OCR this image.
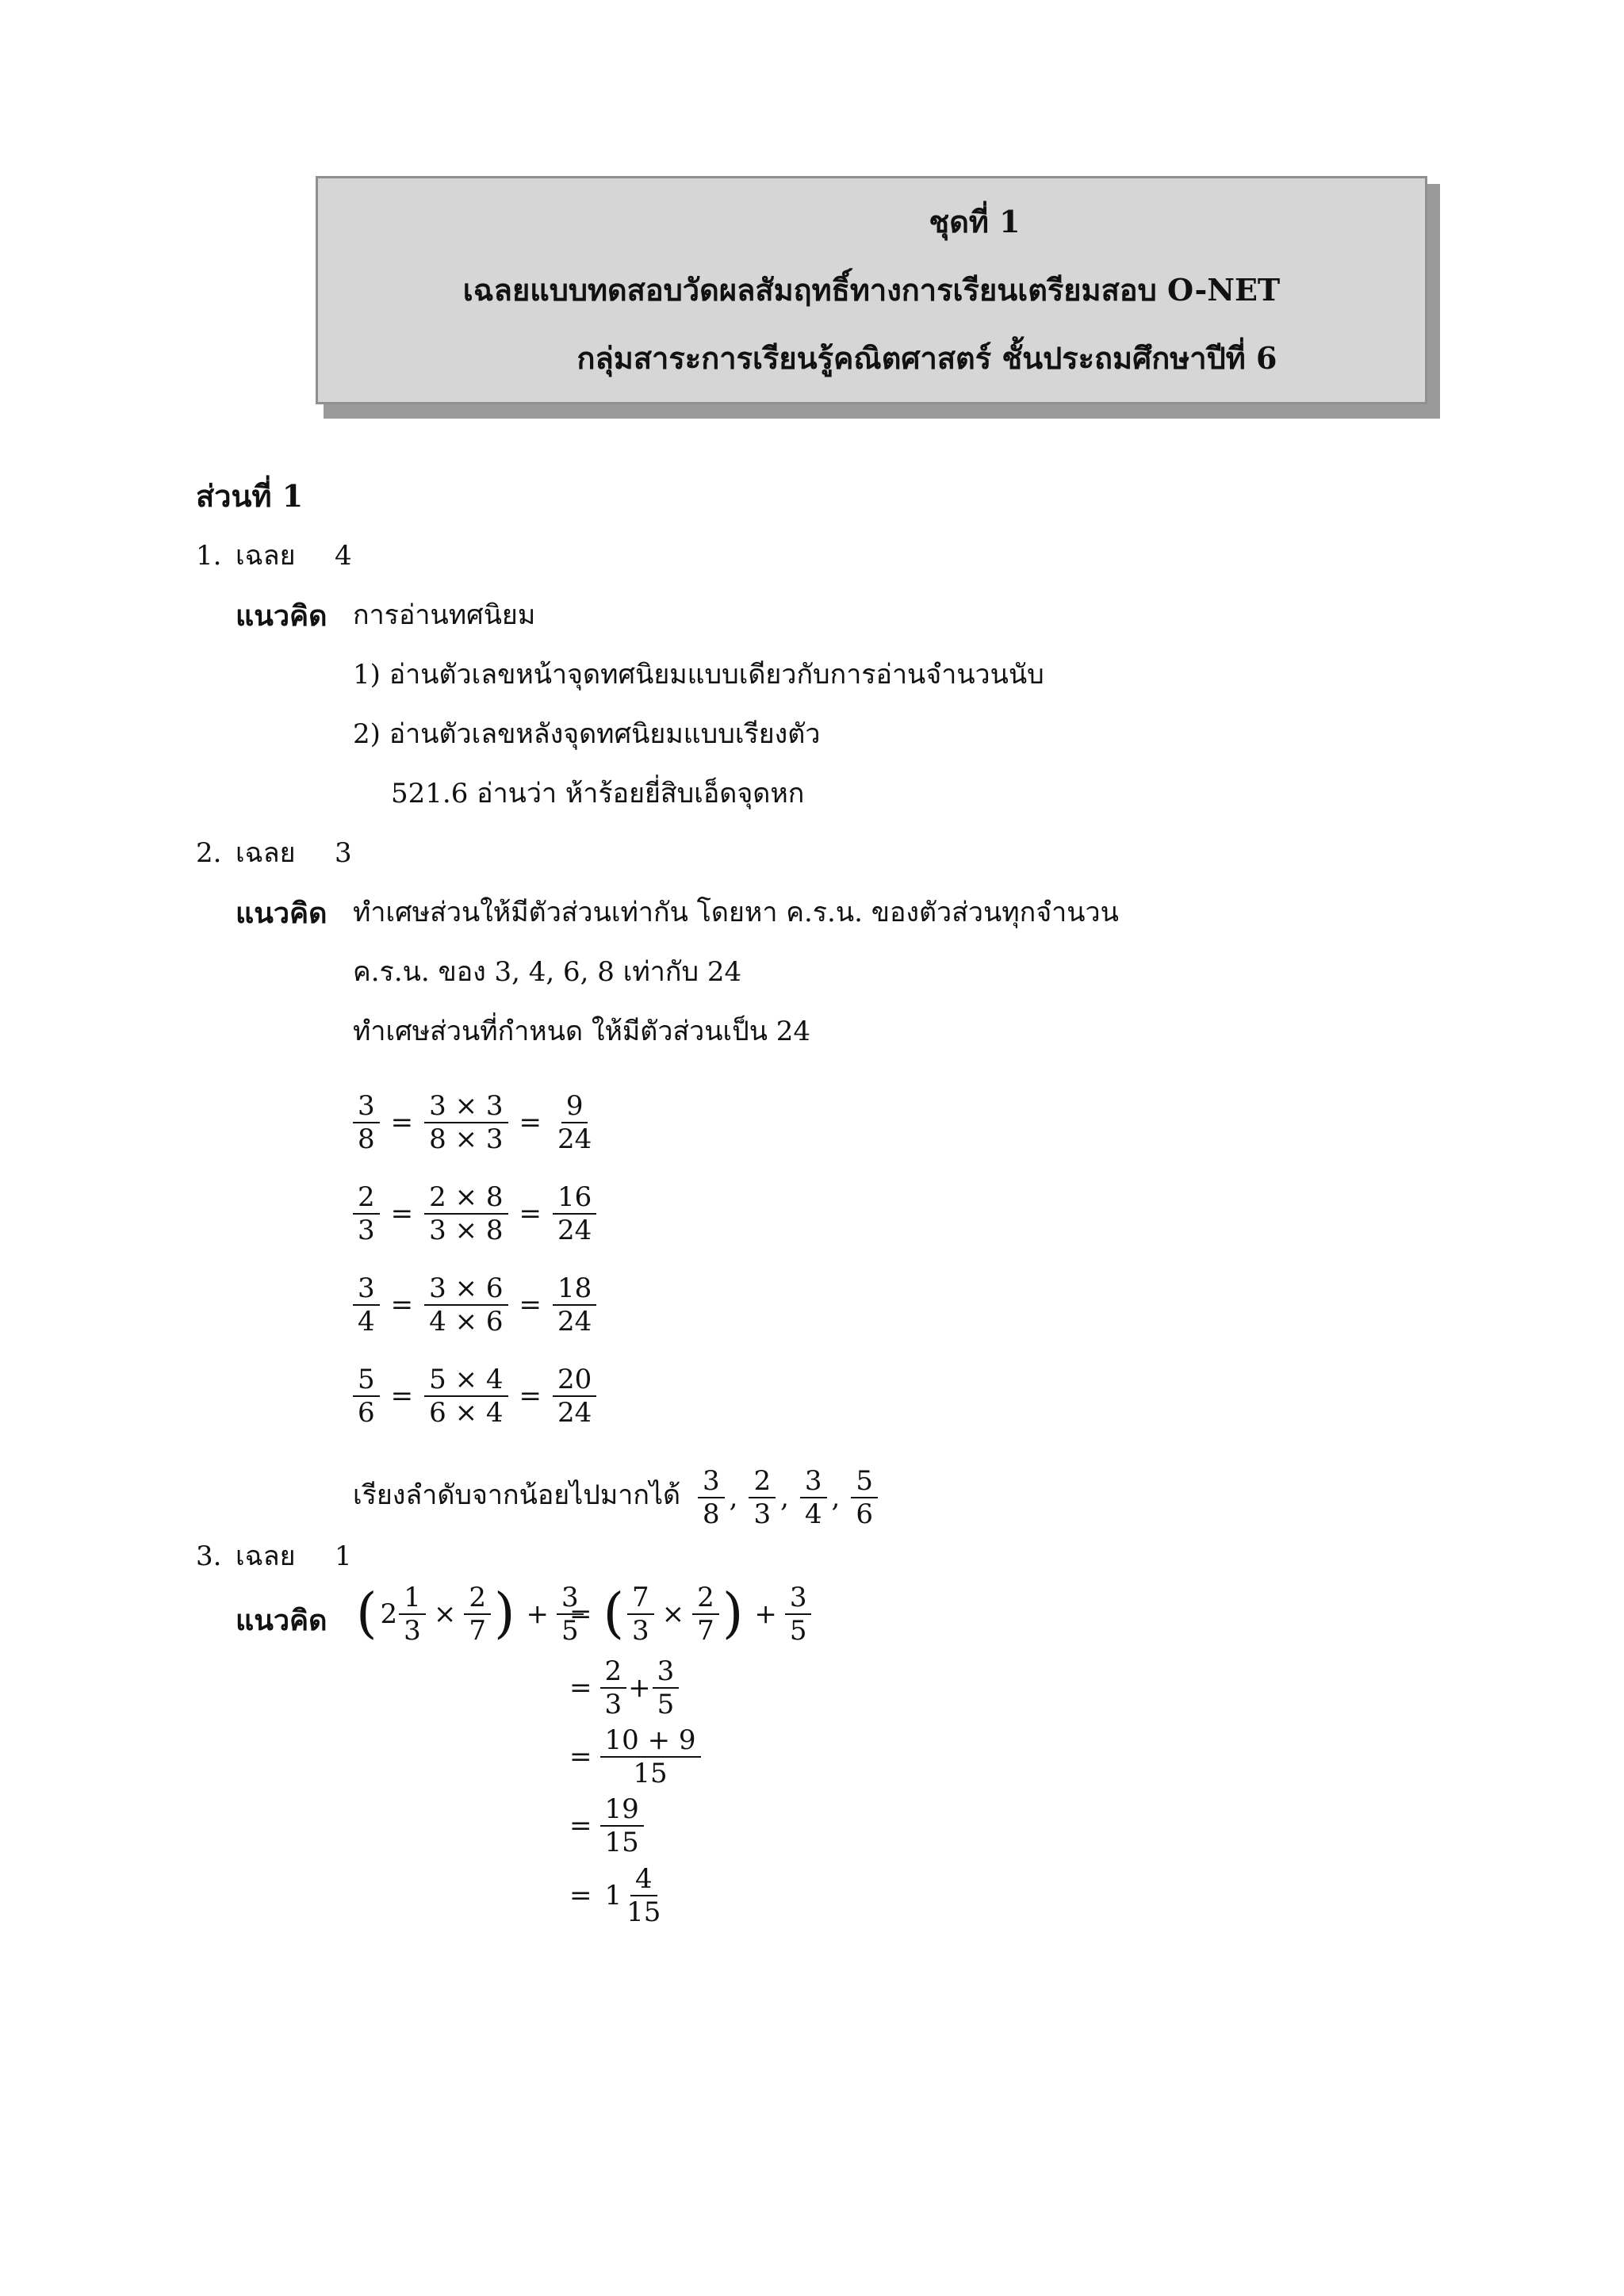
ชุดที่ 1
เฉลยแบบทดสอบวัดผลสัมฤทธิ์ทางการเรียนเตรียมสอบ O-NET
กลุ่มสาระการเรียนรู้คณิตศาสตร์ ชั้นประถมศึกษาปีที่ 6
ส่วนที่ 1
1. เฉลย 4
แนวคิด การอ่านทศนิยม
1) อ่านตัวเลขหน้าจุดทศนิยมแบบเดียวกับการอ่านจำนวนนับ
2) อ่านตัวเลขหลังจุดทศนิยมแบบเรียงตัว
521.6 อ่านว่า ห้าร้อยยี่สิบเอ็ดจุดหก
2. เฉลย 3
แนวคิด ทำเศษส่วนให้มีตัวส่วนเท่ากัน โดยหา ค.ร.น. ของตัวส่วนทุกจำนวน
ค.ร.น. ของ 3, 4, 6, 8 เท่ากับ 24
ทำเศษส่วนที่กำหนด ให้มีตัวส่วนเป็น 24
$\frac{3}{8} = \frac{3 \times 3}{8 \times 3} = \frac{9}{24}$
$\frac{2}{3} = \frac{2 \times 8}{3 \times 8} = \frac{16}{24}$
$\frac{3}{4} = \frac{3 \times 6}{4 \times 6} = \frac{18}{24}$
$\frac{5}{6} = \frac{5 \times 4}{6 \times 4} = \frac{20}{24}$
เรียงลำดับจากน้อยไปมากได้ $\frac{3}{8}$ , $\frac{2}{3}$ , $\frac{3}{4}$ , $\frac{5}{6}$
3. เฉลย 1
แนวคิด ( $2 \frac{1}{3} \times \frac{2}{7}$ ) + $\frac{3}{5}$
= ( $\frac{7}{3} \times \frac{2}{7}$ ) + $\frac{3}{5}$
= $\frac{2}{3} + \frac{3}{5}$
= $\frac{10 + 9}{15}$
= $\frac{19}{15}$
= $1 \frac{4}{15}$
